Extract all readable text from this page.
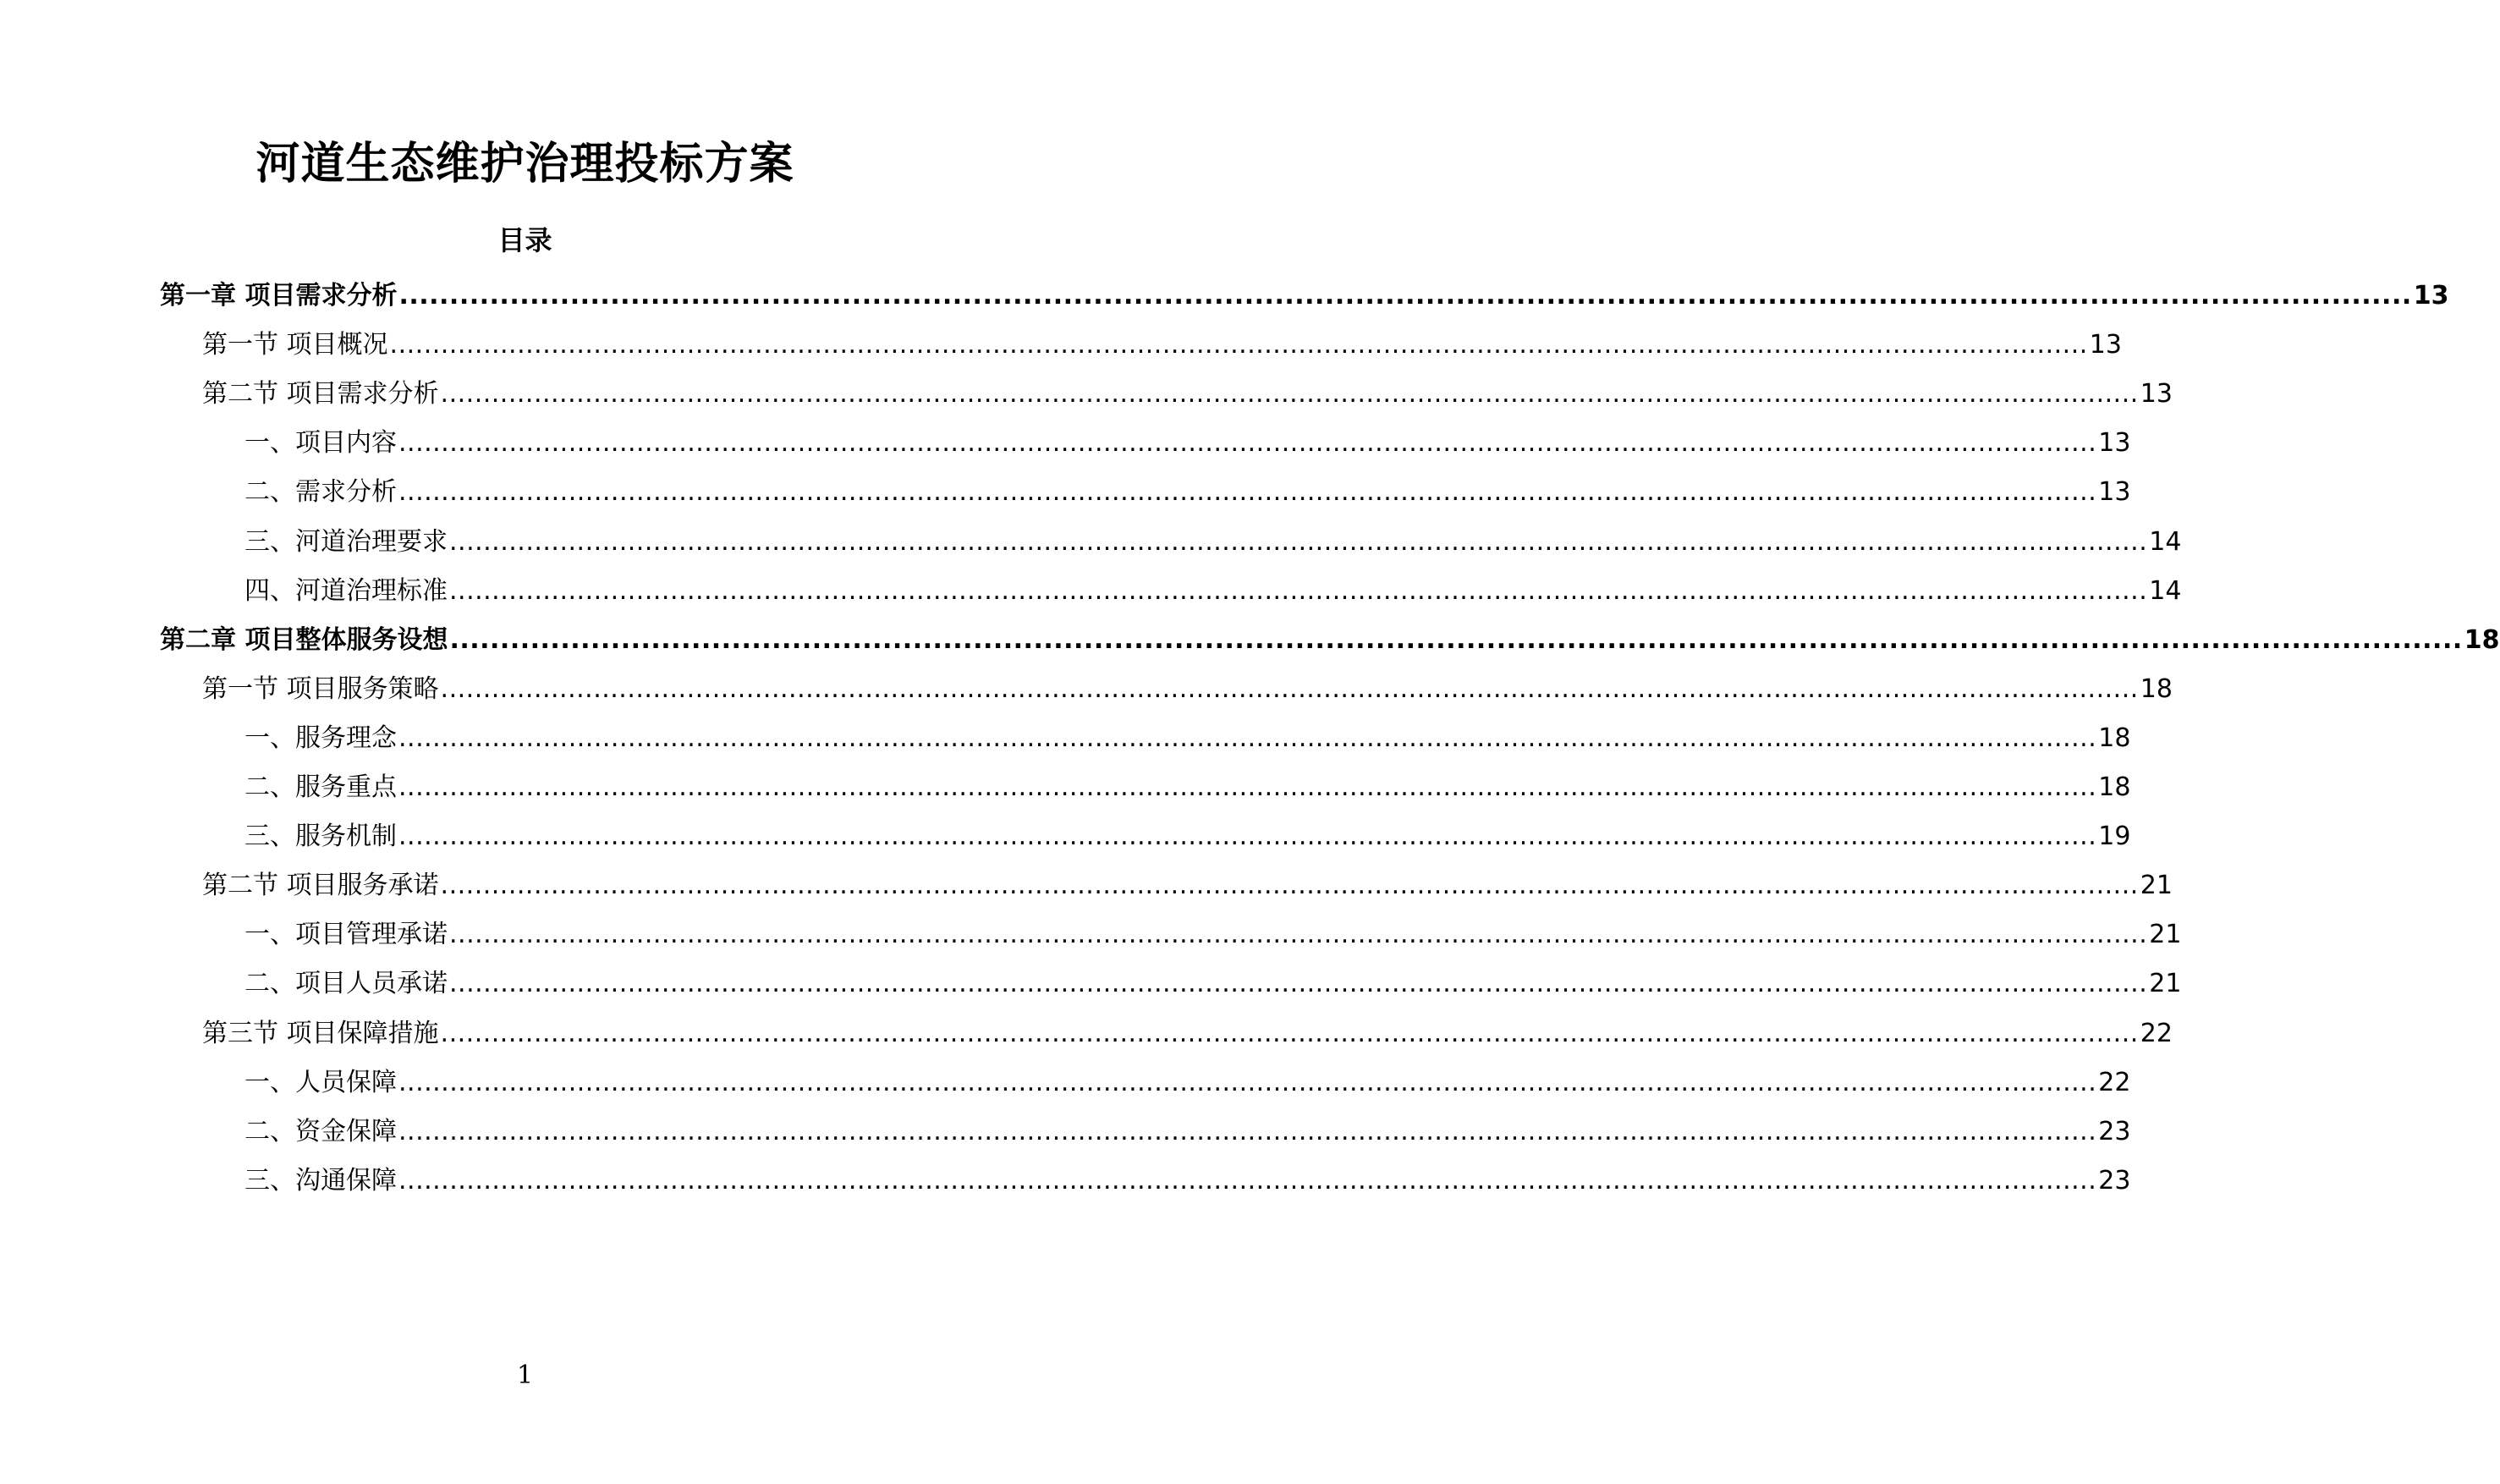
河道生态维护治理投标方案
目录
第一章 项目需求分析 ........................................................................................................................................................................................................ 13
第一节 项目概况 ........................................................................................................................................................................................................ 13
第二节 项目需求分析 ........................................................................................................................................................................................................ 13
一、项目内容 ........................................................................................................................................................................................................ 13
二、需求分析 ........................................................................................................................................................................................................ 13
三、河道治理要求 ........................................................................................................................................................................................................ 14
四、河道治理标准 ........................................................................................................................................................................................................ 14
第二章 项目整体服务设想 ........................................................................................................................................................................................................ 18
第一节 项目服务策略 ........................................................................................................................................................................................................ 18
一、服务理念 ........................................................................................................................................................................................................ 18
二、服务重点 ........................................................................................................................................................................................................ 18
三、服务机制 ........................................................................................................................................................................................................ 19
第二节 项目服务承诺 ........................................................................................................................................................................................................ 21
一、项目管理承诺 ........................................................................................................................................................................................................ 21
二、项目人员承诺 ........................................................................................................................................................................................................ 21
第三节 项目保障措施 ........................................................................................................................................................................................................ 22
一、人员保障 ........................................................................................................................................................................................................ 22
二、资金保障 ........................................................................................................................................................................................................ 23
三、沟通保障 ........................................................................................................................................................................................................ 23
1
